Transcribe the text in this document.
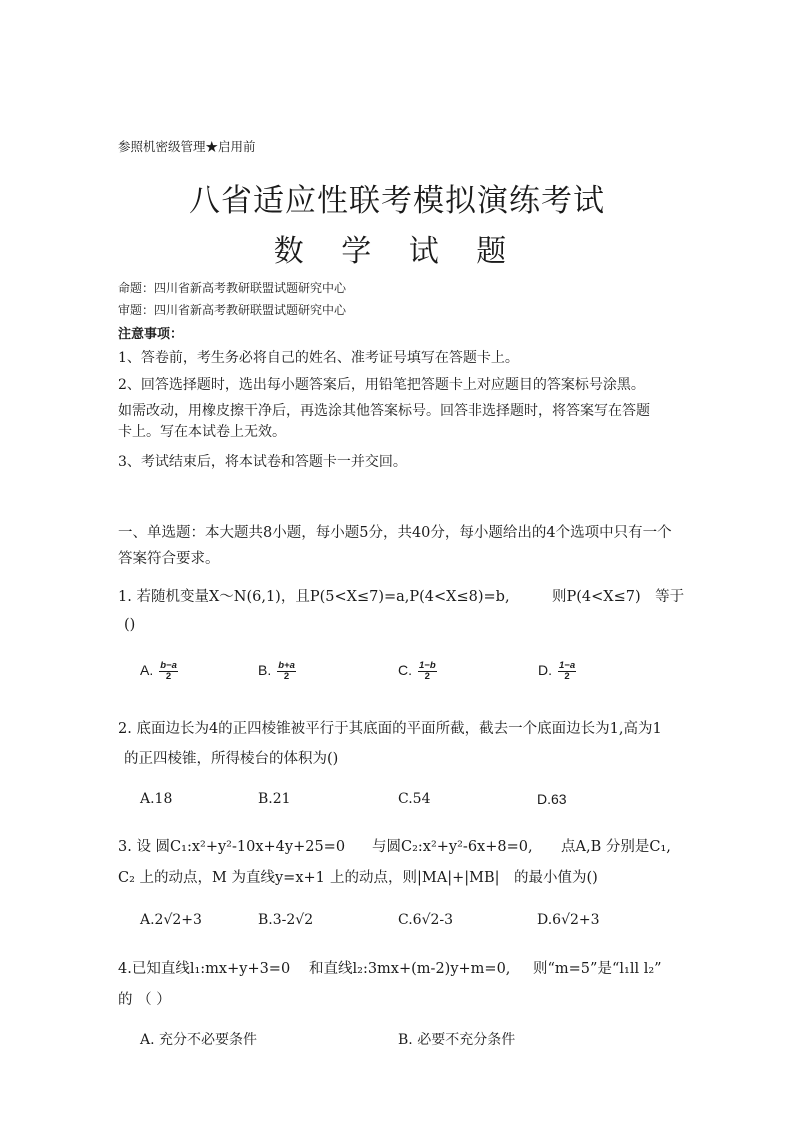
参照机密级管理★启用前
八省适应性联考模拟演练考试
数 学 试 题
命题：四川省新高考教研联盟试题研究中心
审题：四川省新高考教研联盟试题研究中心
注意事项：
1、答卷前，考生务必将自己的姓名、准考证号填写在答题卡上。
2、回答选择题时，选出每小题答案后，用铅笔把答题卡上对应题目的答案标号涂黑。
如需改动，用橡皮擦干净后，再选涂其他答案标号。回答非选择题时，将答案写在答题
卡上。写在本试卷上无效。
3、考试结束后，将本试卷和答题卡一并交回。
一、单选题：本大题共8小题，每小题5分，共40分，每小题给出的4个选项中只有一个
答案符合要求。
1. 若随机变量X～N(6,1)，且P(5<X≤7)=a,P(4<X≤8)=b,	则P(4<X≤7)　等于
()
A. $\frac{b-a}{2}$	B. $\frac{b+a}{2}$	C. $\frac{1-b}{2}$	D. $\frac{1-a}{2}$
2. 底面边长为4的正四棱锥被平行于其底面的平面所截，截去一个底面边长为1,高为1
的正四棱锥，所得棱台的体积为()
A.18	B.21	C.54	D.63
3. 设 圆C₁:x²+y²-10x+4y+25=0 与圆C₂:x²+y²-6x+8=0, 点A,B 分别是C₁,
C₂ 上的动点，M 为直线y=x+1 上的动点，则|MA|+|MB|　的最小值为()
A.2√2+3	B.3-2√2	C.6√2-3	D.6√2+3
4.已知直线l₁:mx+y+3=0 和直线l₂:3mx+(m-2)y+m=0, 则“m=5”是“l₁ll l₂”
的 （ ）
A. 充分不必要条件	B. 必要不充分条件
